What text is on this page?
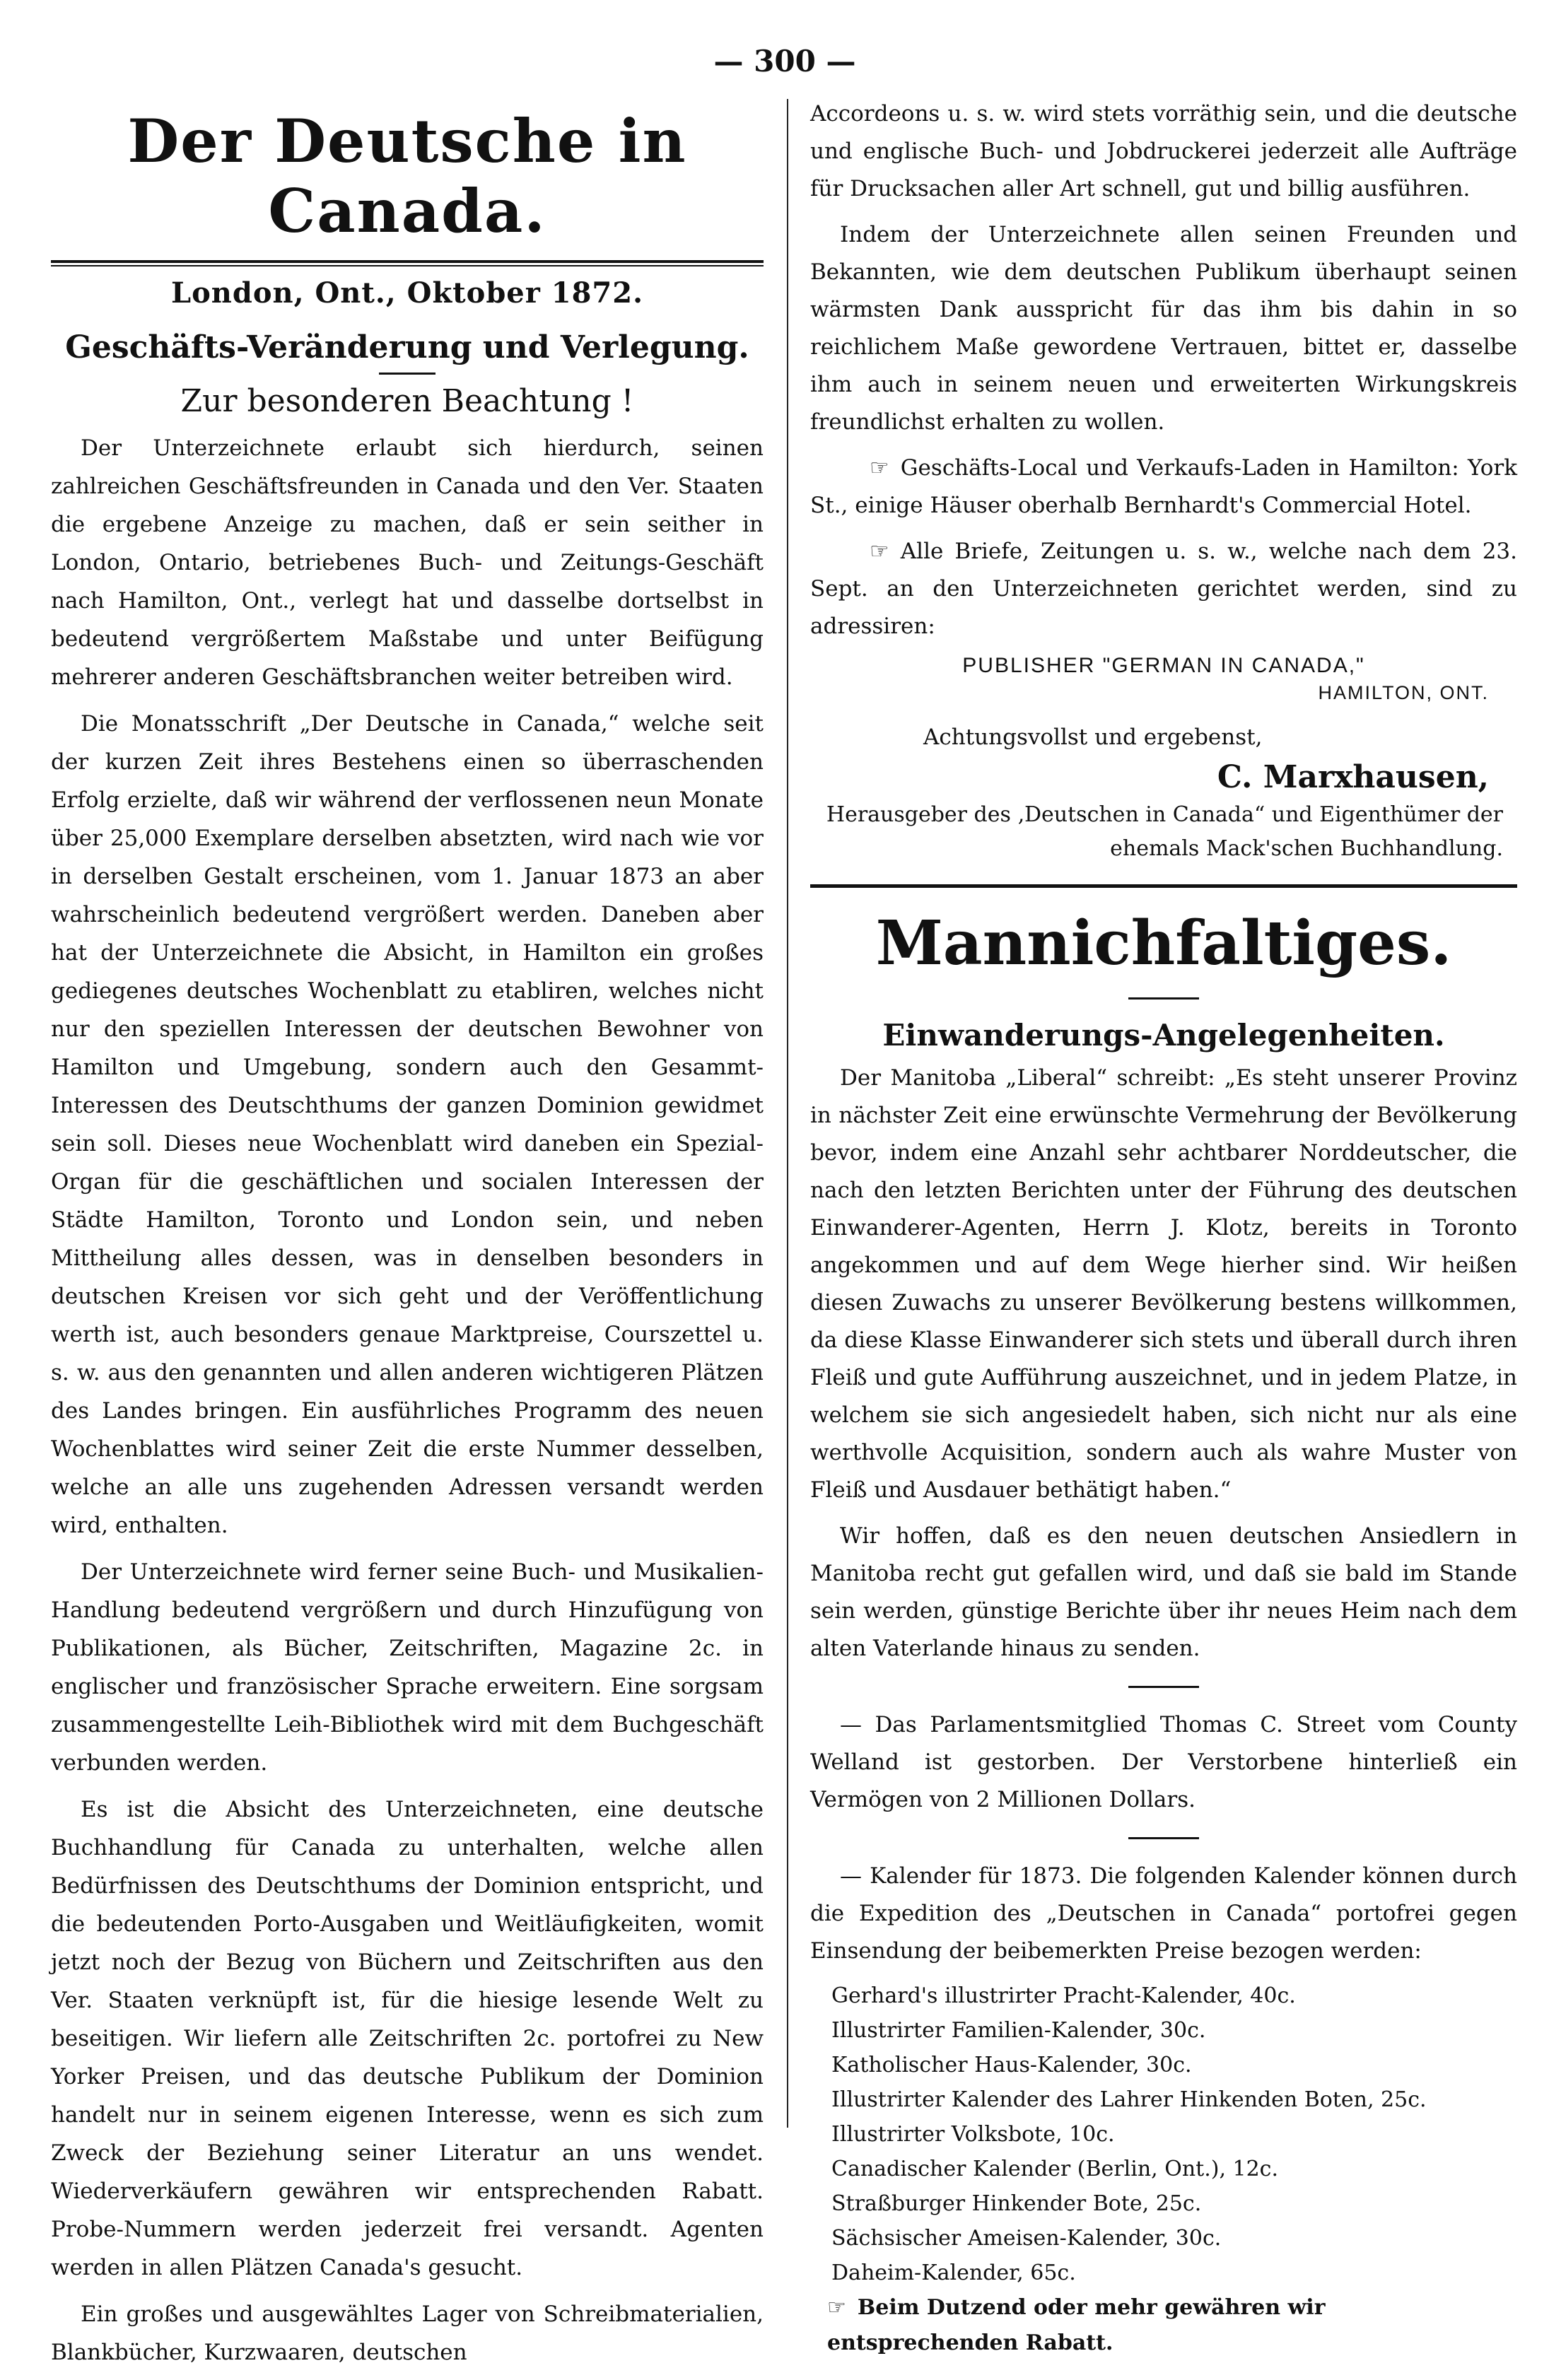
— 300 —
Der Deutsche in Canada.
London, Ont., Oktober 1872.
Geschäfts-Veränderung und Verlegung.
Zur besonderen Beachtung !

Der Unterzeichnete erlaubt sich hierdurch, seinen zahlreichen Geschäftsfreunden in Canada und den Ver. Staaten die ergebene Anzeige zu machen, daß er sein seither in London, Ontario, betriebenes Buch- und Zeitungs-Geschäft nach Hamilton, Ont., verlegt hat und dasselbe dortselbst in bedeutend vergrößertem Maßstabe und unter Beifügung mehrerer anderen Geschäftsbranchen weiter betreiben wird.

Die Monatsschrift „Der Deutsche in Canada,“ welche seit der kurzen Zeit ihres Bestehens einen so überraschenden Erfolg erzielte, daß wir während der verflossenen neun Monate über 25,000 Exemplare derselben absetzten, wird nach wie vor in derselben Gestalt erscheinen, vom 1. Januar 1873 an aber wahrscheinlich bedeutend vergrößert werden. Daneben aber hat der Unterzeichnete die Absicht, in Hamilton ein großes gediegenes deutsches Wochenblatt zu etabliren, welches nicht nur den speziellen Interessen der deutschen Bewohner von Hamilton und Umgebung, sondern auch den Gesammt-Interessen des Deutschthums der ganzen Dominion gewidmet sein soll. Dieses neue Wochenblatt wird daneben ein Spezial-Organ für die geschäftlichen und socialen Interessen der Städte Hamilton, Toronto und London sein, und neben Mittheilung alles dessen, was in denselben besonders in deutschen Kreisen vor sich geht und der Veröffentlichung werth ist, auch besonders genaue Marktpreise, Courszettel u. s. w. aus den genannten und allen anderen wichtigeren Plätzen des Landes bringen. Ein ausführliches Programm des neuen Wochenblattes wird seiner Zeit die erste Nummer desselben, welche an alle uns zugehenden Adressen versandt werden wird, enthalten.

Der Unterzeichnete wird ferner seine Buch- und Musikalien-Handlung bedeutend vergrößern und durch Hinzufügung von Publikationen, als Bücher, Zeitschriften, Magazine 2c. in englischer und französischer Sprache erweitern. Eine sorgsam zusammengestellte Leih-Bibliothek wird mit dem Buchgeschäft verbunden werden.

Es ist die Absicht des Unterzeichneten, eine deutsche Buchhandlung für Canada zu unterhalten, welche allen Bedürfnissen des Deutschthums der Dominion entspricht, und die bedeutenden Porto-Ausgaben und Weitläufigkeiten, womit jetzt noch der Bezug von Büchern und Zeitschriften aus den Ver. Staaten verknüpft ist, für die hiesige lesende Welt zu beseitigen. Wir liefern alle Zeitschriften 2c. portofrei zu New Yorker Preisen, und das deutsche Publikum der Dominion handelt nur in seinem eigenen Interesse, wenn es sich zum Zweck der Beziehung seiner Literatur an uns wendet. Wiederverkäufern gewähren wir entsprechenden Rabatt. Probe-Nummern werden jederzeit frei versandt. Agenten werden in allen Plätzen Canada's gesucht.

Ein großes und ausgewähltes Lager von Schreibmaterialien, Blankbücher, Kurzwaaren, deutschen

Accordeons u. s. w. wird stets vorräthig sein, und die deutsche und englische Buch- und Jobdruckerei jederzeit alle Aufträge für Drucksachen aller Art schnell, gut und billig ausführen.

Indem der Unterzeichnete allen seinen Freunden und Bekannten, wie dem deutschen Publikum überhaupt seinen wärmsten Dank ausspricht für das ihm bis dahin in so reichlichem Maße gewordene Vertrauen, bittet er, dasselbe ihm auch in seinem neuen und erweiterten Wirkungskreis freundlichst erhalten zu wollen.

☞ Geschäfts-Local und Verkaufs-Laden in Hamilton: York St., einige Häuser oberhalb Bernhardt's Commercial Hotel.

☞ Alle Briefe, Zeitungen u. s. w., welche nach dem 23. Sept. an den Unterzeichneten gerichtet werden, sind zu adressiren:

PUBLISHER "GERMAN IN CANADA,"
HAMILTON, ONT.
Achtungsvollst und ergebenst,
C. Marxhausen,
Herausgeber des ‚Deutschen in Canada“ und Eigenthümer der ehemals Mack'schen Buchhandlung.
Mannichfaltiges.
Einwanderungs-Angelegenheiten.

Der Manitoba „Liberal“ schreibt: „Es steht unserer Provinz in nächster Zeit eine erwünschte Vermehrung der Bevölkerung bevor, indem eine Anzahl sehr achtbarer Norddeutscher, die nach den letzten Berichten unter der Führung des deutschen Einwanderer-Agenten, Herrn J. Klotz, bereits in Toronto angekommen und auf dem Wege hierher sind. Wir heißen diesen Zuwachs zu unserer Bevölkerung bestens willkommen, da diese Klasse Einwanderer sich stets und überall durch ihren Fleiß und gute Aufführung auszeichnet, und in jedem Platze, in welchem sie sich angesiedelt haben, sich nicht nur als eine werthvolle Acquisition, sondern auch als wahre Muster von Fleiß und Ausdauer bethätigt haben.“

Wir hoffen, daß es den neuen deutschen Ansiedlern in Manitoba recht gut gefallen wird, und daß sie bald im Stande sein werden, günstige Berichte über ihr neues Heim nach dem alten Vaterlande hinaus zu senden.

— Das Parlamentsmitglied Thomas C. Street vom County Welland ist gestorben. Der Verstorbene hinterließ ein Vermögen von 2 Millionen Dollars.

— Kalender für 1873. Die folgenden Kalender können durch die Expedition des „Deutschen in Canada“ portofrei gegen Einsendung der beibemerkten Preise bezogen werden:

Gerhard's illustrirter Pracht-Kalender, 40c.
Illustrirter Familien-Kalender, 30c.
Katholischer Haus-Kalender, 30c.
Illustrirter Kalender des Lahrer Hinkenden Boten, 25c.
Illustrirter Volksbote, 10c.
Canadischer Kalender (Berlin, Ont.), 12c.
Straßburger Hinkender Bote, 25c.
Sächsischer Ameisen-Kalender, 30c.
Daheim-Kalender, 65c.
☞ Beim Dutzend oder mehr gewähren wir entsprechenden Rabatt.
